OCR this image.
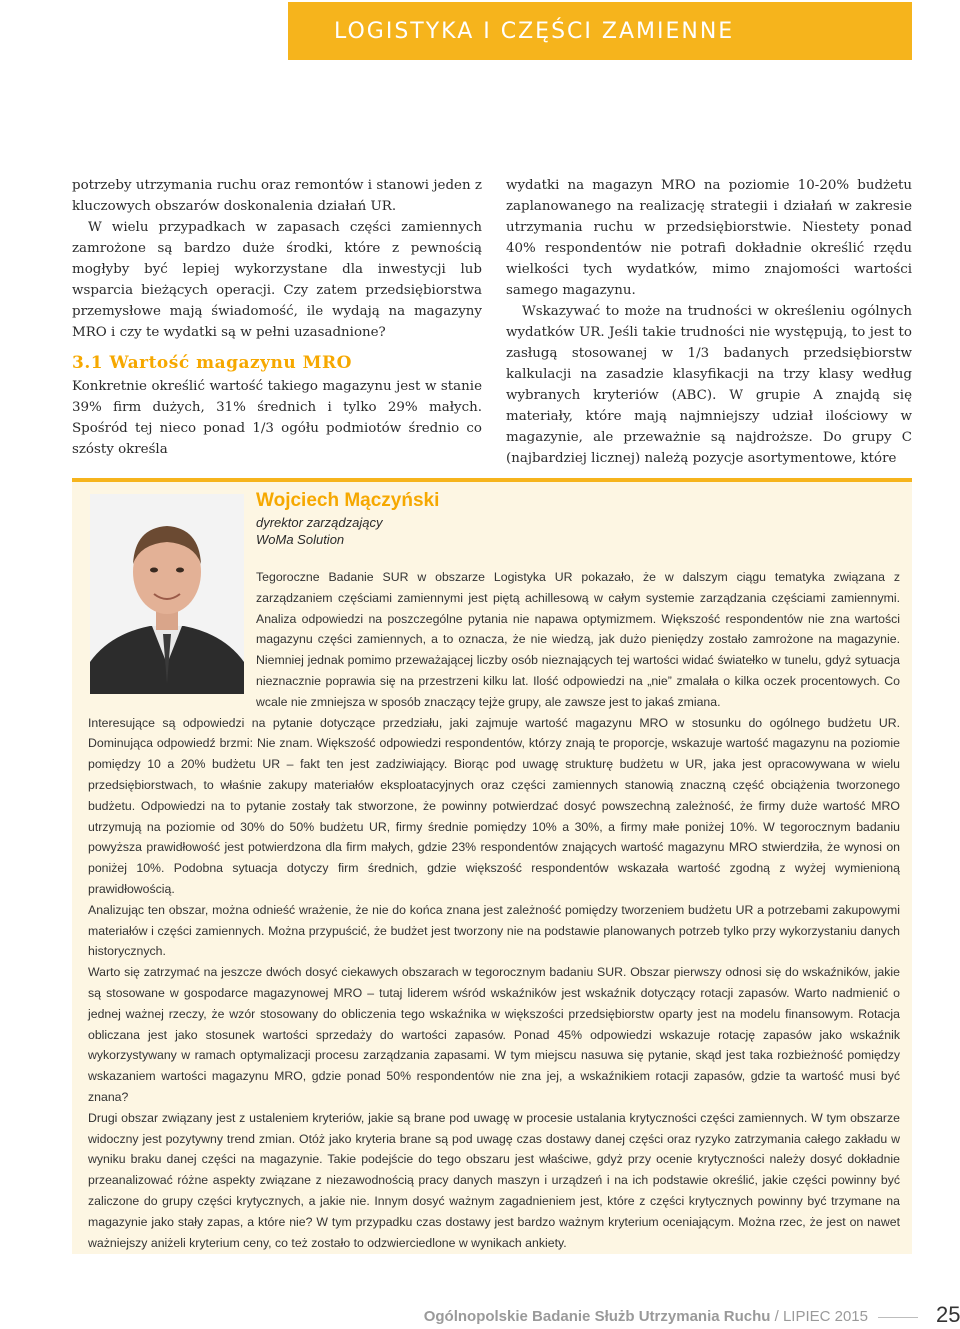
LOGISTYKA I CZĘŚCI ZAMIENNE

potrzeby utrzymania ruchu oraz remontów i stanowi jeden z kluczowych obszarów doskonalenia działań UR.

W wielu przypadkach w zapasach części zamiennych zamrożone są bardzo duże środki, które z pewnością mogłyby być lepiej wykorzystane dla inwestycji lub wsparcia bieżących operacji. Czy zatem przedsiębiorstwa przemysłowe mają świadomość, ile wydają na magazyny MRO i czy te wydatki są w pełni uzasadnione?

3.1 Wartość magazynu MRO

Konkretnie określić wartość takiego magazynu jest w stanie 39% firm dużych, 31% średnich i tylko 29% małych. Spośród tej nieco ponad 1/3 ogółu podmiotów średnio co szósty określa

wydatki na magazyn MRO na poziomie 10-20% budżetu zaplanowanego na realizację strategii i działań w zakresie utrzymania ruchu w przedsiębiorstwie. Niestety ponad 40% respondentów nie potrafi dokładnie określić rzędu wielkości tych wydatków, mimo znajomości wartości samego magazynu.

Wskazywać to może na trudności w określeniu ogólnych wydatków UR. Jeśli takie trudności nie występują, to jest to zasługą stosowanej w 1/3 badanych przedsiębiorstw kalkulacji na zasadzie klasyfikacji na trzy klasy według wybranych kryteriów (ABC). W grupie A znajdą się materiały, które mają najmniejszy udział ilościowy w magazynie, ale przeważnie są najdroższe. Do grupy C (najbardziej licznej) należą pozycje asortymentowe, które

Wojciech Mączyński
dyrektor zarządzający
WoMa Solution

Tegoroczne Badanie SUR w obszarze Logistyka UR pokazało, że w dalszym ciągu tematyka związana z zarządzaniem częściami zamiennymi jest piętą achillesową w całym systemie zarządzania częściami zamiennymi. Analiza odpowiedzi na poszczególne pytania nie napawa optymizmem. Większość respondentów nie zna wartości magazynu części zamiennych, a to oznacza, że nie wiedzą, jak dużo pieniędzy zostało zamrożone na magazynie. Niemniej jednak pomimo przeważającej liczby osób nieznających tej wartości widać światełko w tunelu, gdyż sytuacja nieznacznie poprawia się na przestrzeni kilku lat. Ilość odpowiedzi na „nie” zmalała o kilka oczek procentowych. Co wcale nie zmniejsza w sposób znaczący tejże grupy, ale zawsze jest to jakaś zmiana.

Interesujące są odpowiedzi na pytanie dotyczące przedziału, jaki zajmuje wartość magazynu MRO w stosunku do ogólnego budżetu UR. Dominująca odpowiedź brzmi: Nie znam. Większość odpowiedzi respondentów, którzy znają te proporcje, wskazuje wartość magazynu na poziomie pomiędzy 10 a 20% budżetu UR – fakt ten jest zadziwiający. Biorąc pod uwagę strukturę budżetu w UR, jaka jest opracowywana w wielu przedsiębiorstwach, to właśnie zakupy materiałów eksploatacyjnych oraz części zamiennych stanowią znaczną część obciążenia tworzonego budżetu. Odpowiedzi na to pytanie zostały tak stworzone, że powinny potwierdzać dosyć powszechną zależność, że firmy duże wartość MRO utrzymują na poziomie od 30% do 50% budżetu UR, firmy średnie pomiędzy 10% a 30%, a firmy małe poniżej 10%. W tegorocznym badaniu powyższa prawidłowość jest potwierdzona dla firm małych, gdzie 23% respondentów znających wartość magazynu MRO stwierdziła, że wynosi on poniżej 10%. Podobna sytuacja dotyczy firm średnich, gdzie większość respondentów wskazała wartość zgodną z wyżej wymienioną prawidłowością.

Analizując ten obszar, można odnieść wrażenie, że nie do końca znana jest zależność pomiędzy tworzeniem budżetu UR a potrzebami zakupowymi materiałów i części zamiennych. Można przypuścić, że budżet jest tworzony nie na podstawie planowanych potrzeb tylko przy wykorzystaniu danych historycznych.

Warto się zatrzymać na jeszcze dwóch dosyć ciekawych obszarach w tegorocznym badaniu SUR. Obszar pierwszy odnosi się do wskaźników, jakie są stosowane w gospodarce magazynowej MRO – tutaj liderem wśród wskaźników jest wskaźnik dotyczący rotacji zapasów. Warto nadmienić o jednej ważnej rzeczy, że wzór stosowany do obliczenia tego wskaźnika w większości przedsiębiorstw oparty jest na modelu finansowym. Rotacja obliczana jest jako stosunek wartości sprzedaży do wartości zapasów. Ponad 45% odpowiedzi wskazuje rotację zapasów jako wskaźnik wykorzystywany w ramach optymalizacji procesu zarządzania zapasami. W tym miejscu nasuwa się pytanie, skąd jest taka rozbieżność pomiędzy wskazaniem wartości magazynu MRO, gdzie ponad 50% respondentów nie zna jej, a wskaźnikiem rotacji zapasów, gdzie ta wartość musi być znana?

Drugi obszar związany jest z ustaleniem kryteriów, jakie są brane pod uwagę w procesie ustalania krytyczności części zamiennych. W tym obszarze widoczny jest pozytywny trend zmian. Otóż jako kryteria brane są pod uwagę czas dostawy danej części oraz ryzyko zatrzymania całego zakładu w wyniku braku danej części na magazynie. Takie podejście do tego obszaru jest właściwe, gdyż przy ocenie krytyczności należy dosyć dokładnie przeanalizować różne aspekty związane z niezawodnością pracy danych maszyn i urządzeń i na ich podstawie określić, jakie części powinny być zaliczone do grupy części krytycznych, a jakie nie. Innym dosyć ważnym zagadnieniem jest, które z części krytycznych powinny być trzymane na magazynie jako stały zapas, a które nie? W tym przypadku czas dostawy jest bardzo ważnym kryterium oceniającym. Można rzec, że jest on nawet ważniejszy aniżeli kryterium ceny, co też zostało to odzwierciedlone w wynikach ankiety.

Ogólnopolskie Badanie Służb Utrzymania Ruchu / LIPIEC 2015	25
